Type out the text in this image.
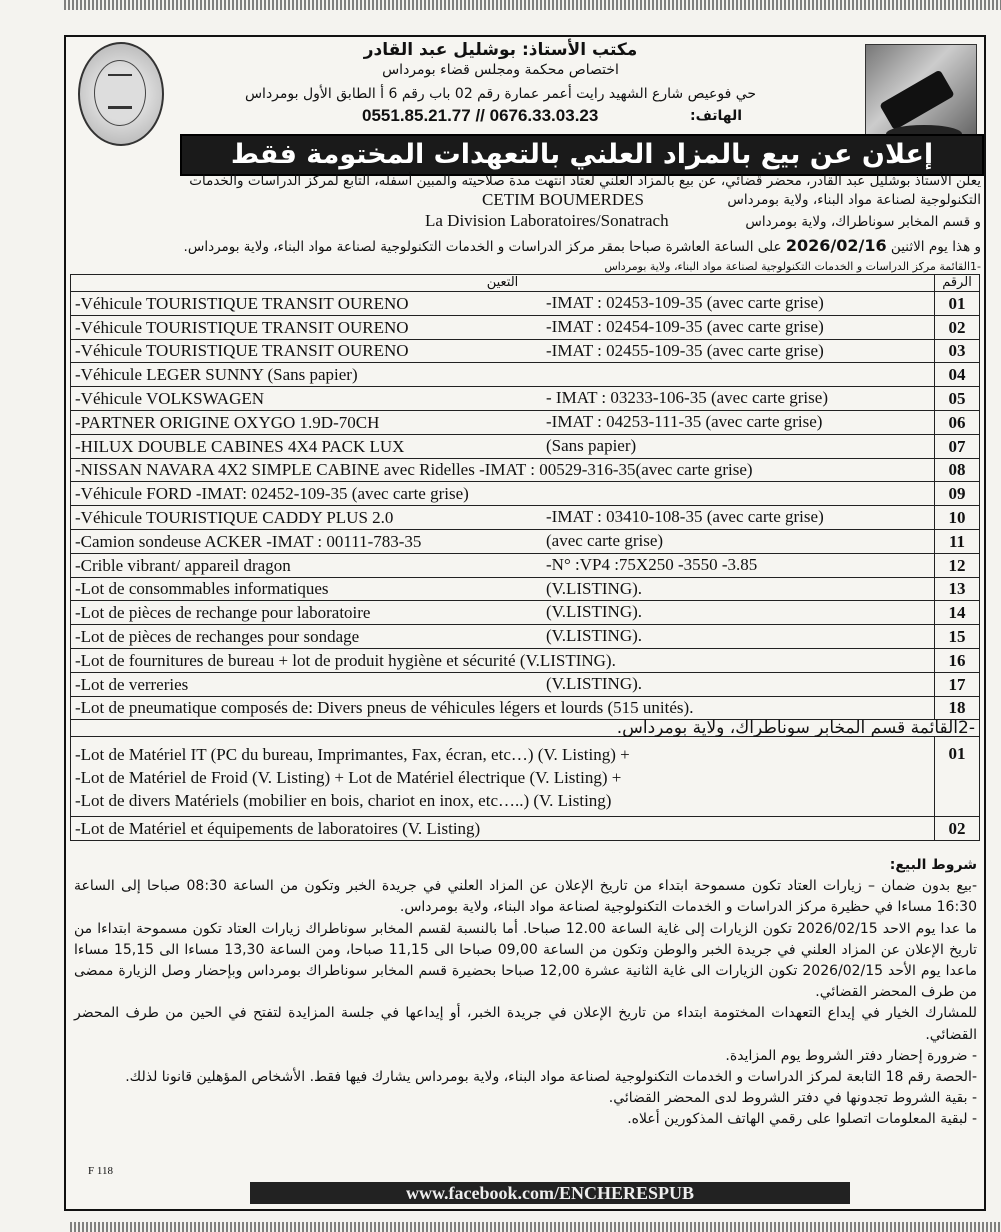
مكتب الأستاذ: بوشليل عبد القادر
اختصاص محكمة ومجلس قضاء بومرداس
حي فوعيص شارع الشهيد رايت أعمر عمارة رقم 02 باب رقم 6 أ الطابق الأول بومرداس
الهاتف:
0551.85.21.77 // 0676.33.03.23
إعلان عن بيع بالمزاد العلني بالتعهدات المختومة فقط
يعلن الأستاذ بوشليل عبد القادر، محضر قضائي، عن بيع بالمزاد العلني لعتاد انتهت مدة صلاحيته والمبين أسفله، التابع لمركز الدراسات والخدمات
التكنولوجية لصناعة مواد البناء، ولاية بومرداس
CETIM BOUMERDES
و قسم المخابر سوناطراك، ولاية بومرداس
La Division Laboratoires/Sonatrach
و هذا يوم الاثنين 2026/02/16 على الساعة العاشرة صباحا بمقر مركز الدراسات و الخدمات التكنولوجية لصناعة مواد البناء، ولاية بومرداس.
-1القائمة مركز الدراسات و الخدمات التكنولوجية لصناعة مواد البناء، ولاية بومرداس
التعين	الرقم
-Véhicule TOURISTIQUE TRANSIT OURENO -IMAT : 02453-109-35 (avec carte grise)	01
-Véhicule TOURISTIQUE TRANSIT OURENO -IMAT : 02454-109-35 (avec carte grise)	02
-Véhicule TOURISTIQUE TRANSIT OURENO -IMAT : 02455-109-35 (avec carte grise)	03
-Véhicule LEGER SUNNY (Sans papier)	04
-Véhicule VOLKSWAGEN - IMAT : 03233-106-35 (avec carte grise)	05
-PARTNER ORIGINE OXYGO 1.9D-70CH -IMAT : 04253-111-35 (avec carte grise)	06
-HILUX DOUBLE CABINES 4X4 PACK LUX (Sans papier)	07
-NISSAN NAVARA 4X2 SIMPLE CABINE avec Ridelles -IMAT : 00529-316-35(avec carte grise)	08
-Véhicule FORD -IMAT: 02452-109-35 (avec carte grise)	09
-Véhicule TOURISTIQUE CADDY PLUS 2.0 -IMAT : 03410-108-35 (avec carte grise)	10
-Camion sondeuse ACKER -IMAT : 00111-783-35 (avec carte grise)	11
-Crible vibrant/ appareil dragon -N° :VP4 :75X250 -3550 -3.85	12
-Lot de consommables informatiques (V.LISTING).	13
-Lot de pièces de rechange pour laboratoire (V.LISTING).	14
-Lot de pièces de rechanges pour sondage (V.LISTING).	15
-Lot de fournitures de bureau + lot de produit hygiène et sécurité (V.LISTING).	16
-Lot de verreries (V.LISTING).	17
-Lot de pneumatique composés de: Divers pneus de véhicules légers et lourds (515 unités).	18
-2القائمة قسم المخابر سوناطراك، ولاية بومرداس.	

-Lot de Matériel IT (PC du bureau, Imprimantes, Fax, écran, etc…) (V. Listing) +
-Lot de Matériel de Froid (V. Listing) + Lot de Matériel électrique (V. Listing) +
-Lot de divers Matériels (mobilier en bois, chariot en inox, etc…..) (V. Listing)	01
-Lot de Matériel et équipements de laboratoires (V. Listing)	02

شروط البيع:

-بيع بدون ضمان – زيارات العتاد تكون مسموحة ابتداء من تاريخ الإعلان عن المزاد العلني في جريدة الخبر وتكون من الساعة 08:30 صباحا إلى الساعة 16:30 مساءا في حظيرة مركز الدراسات و الخدمات التكنولوجية لصناعة مواد البناء، ولاية بومرداس.

ما عدا يوم الاحد 2026/02/15 تكون الزيارات إلى غاية الساعة 12.00 صباحا. أما بالنسبة لقسم المخابر سوناطراك زيارات العتاد تكون مسموحة ابتداءا من تاريخ الإعلان عن المزاد العلني في جريدة الخبر والوطن وتكون من الساعة 09,00 صباحا الى 11,15 صباحا، ومن الساعة 13,30 مساءا الى 15,15 مساءا ماعدا يوم الأحد 2026/02/15 تكون الزيارات الى غاية الثانية عشرة 12,00 صباحا بحضيرة قسم المخابر سوناطراك بومرداس وبإحضار وصل الزيارة ممضى من طرف المحضر القضائي.

للمشارك الخيار في إيداع التعهدات المختومة ابتداء من تاريخ الإعلان في جريدة الخبر، أو إيداعها في جلسة المزايدة لتفتح في الحين من طرف المحضر القضائي.

- ضرورة إحضار دفتر الشروط يوم المزايدة.

-الحصة رقم 18 التابعة لمركز الدراسات و الخدمات التكنولوجية لصناعة مواد البناء، ولاية بومرداس يشارك فيها فقط. الأشخاص المؤهلين قانونا لذلك.

- بقية الشروط تجدونها في دفتر الشروط لدى المحضر القضائي.

- لبقية المعلومات اتصلوا على رقمي الهاتف المذكورين أعلاه.

F 118
www.facebook.com/ENCHERESPUB
